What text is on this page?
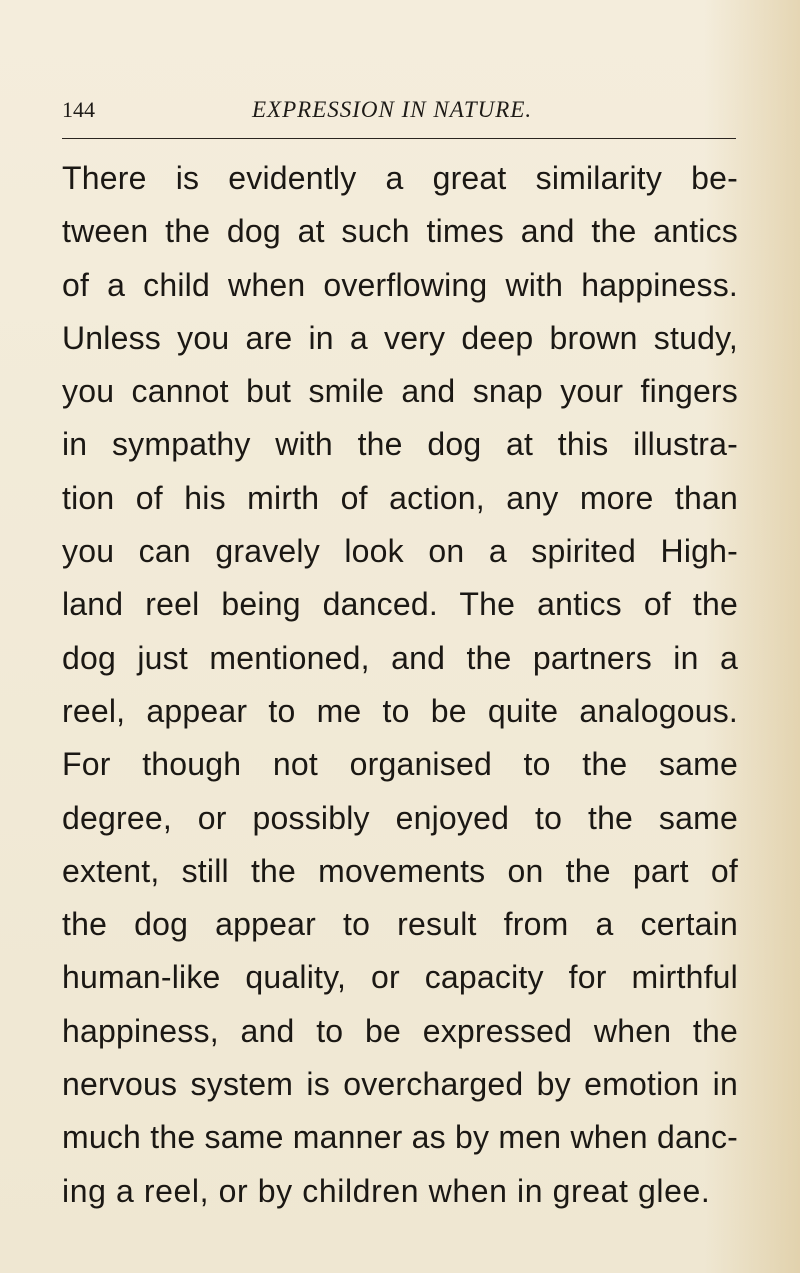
144	EXPRESSION IN NATURE.
There is evidently a great similarity be-
tween the dog at such times and the antics
of a child when overflowing with happiness.
Unless you are in a very deep brown study,
you cannot but smile and snap your fingers
in sympathy with the dog at this illustra-
tion of his mirth of action, any more than
you can gravely look on a spirited High-
land reel being danced. The antics of the
dog just mentioned, and the partners in a
reel, appear to me to be quite analogous.
For though not organised to the same
degree, or possibly enjoyed to the same
extent, still the movements on the part of
the dog appear to result from a certain
human-like quality, or capacity for mirthful
happiness, and to be expressed when the
nervous system is overcharged by emotion in
much the same manner as by men when danc-
ing a reel, or by children when in great glee.
